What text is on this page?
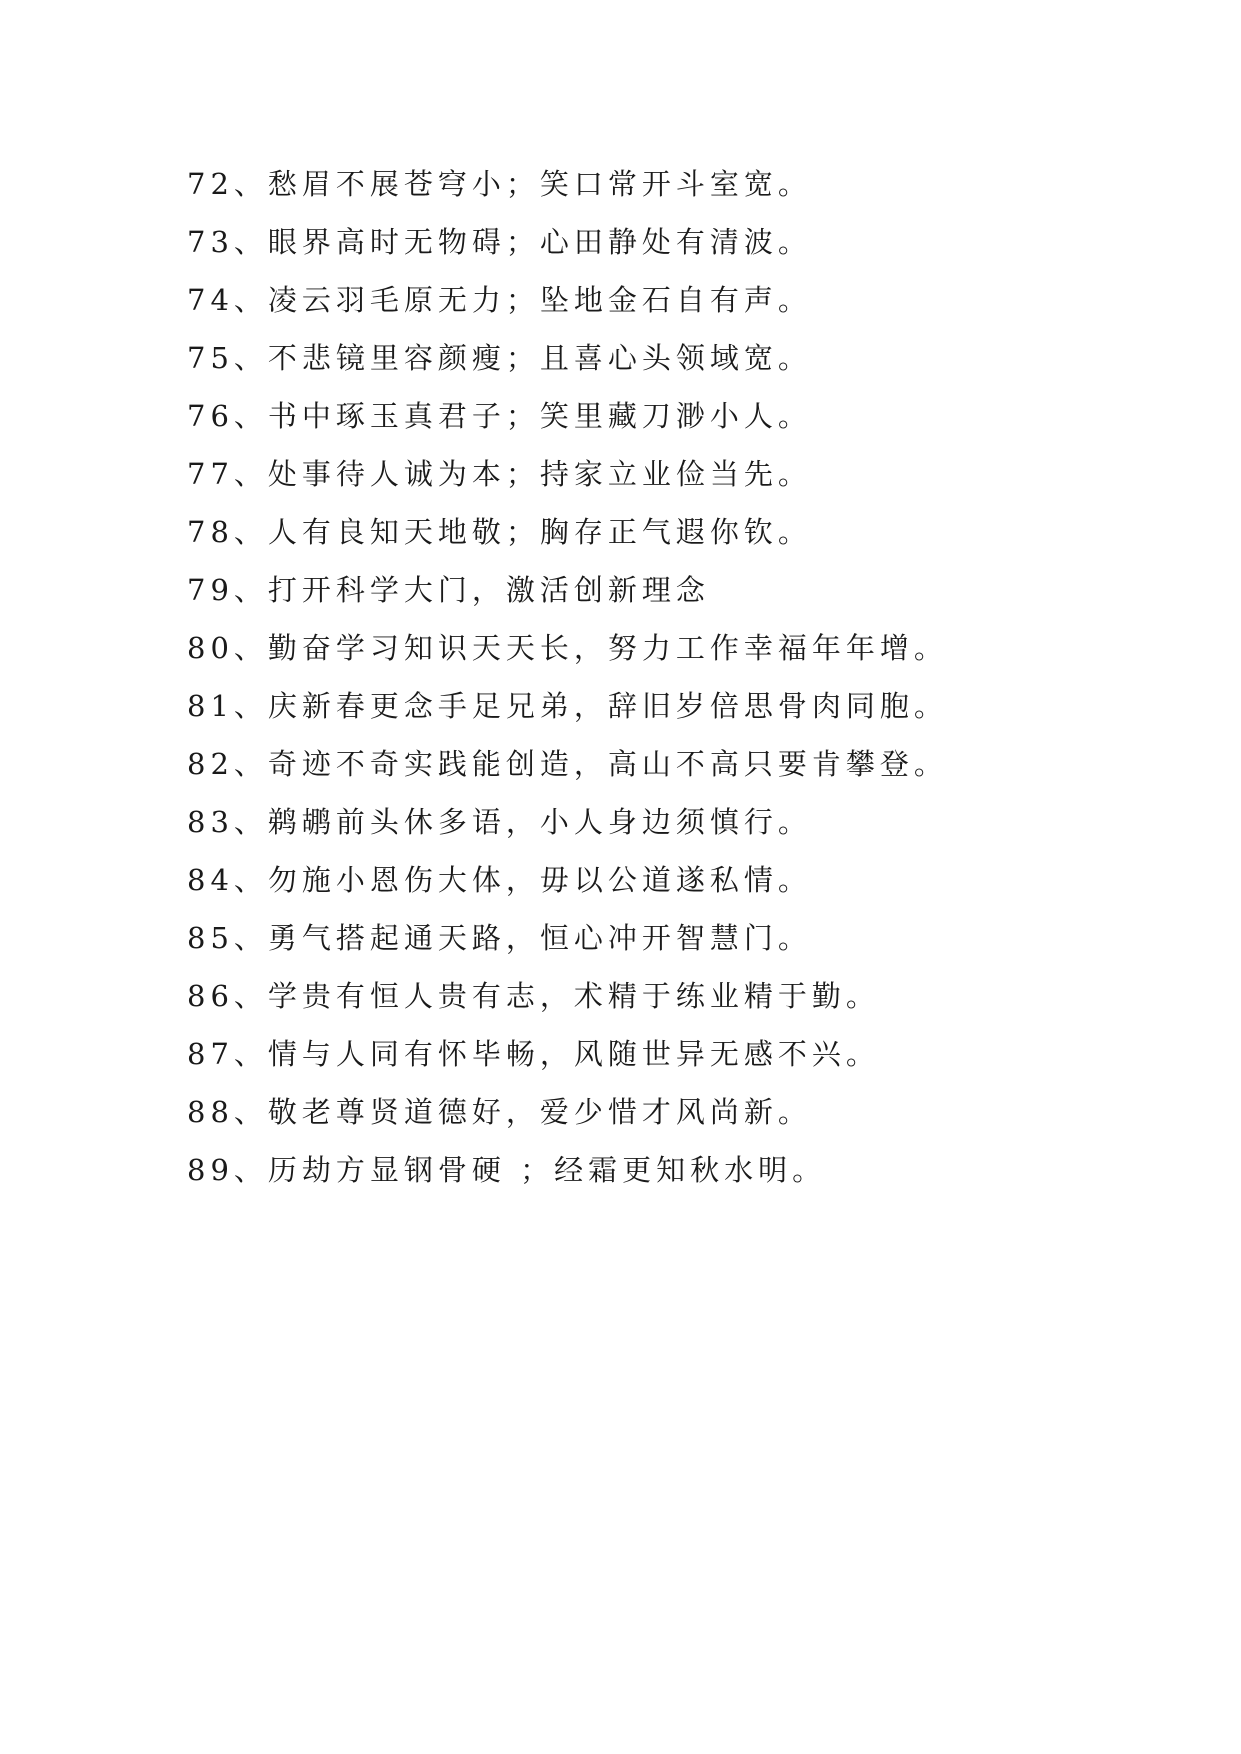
72、愁眉不展苍穹小；笑口常开斗室宽。
73、眼界高时无物碍；心田静处有清波。
74、凌云羽毛原无力；坠地金石自有声。
75、不悲镜里容颜瘦；且喜心头领域宽。
76、书中琢玉真君子；笑里藏刀渺小人。
77、处事待人诚为本；持家立业俭当先。
78、人有良知天地敬；胸存正气遐你钦。
79、打开科学大门，激活创新理念
80、勤奋学习知识天天长，努力工作幸福年年增。
81、庆新春更念手足兄弟，辞旧岁倍思骨肉同胞。
82、奇迹不奇实践能创造，高山不高只要肯攀登。
83、鹈鹕前头休多语，小人身边须慎行。
84、勿施小恩伤大体，毋以公道遂私情。
85、勇气搭起通天路，恒心冲开智慧门。
86、学贵有恒人贵有志，术精于练业精于勤。
87、情与人同有怀毕畅，风随世异无感不兴。
88、敬老尊贤道德好，爱少惜才风尚新。
89、历劫方显钢骨硬 ；经霜更知秋水明。
